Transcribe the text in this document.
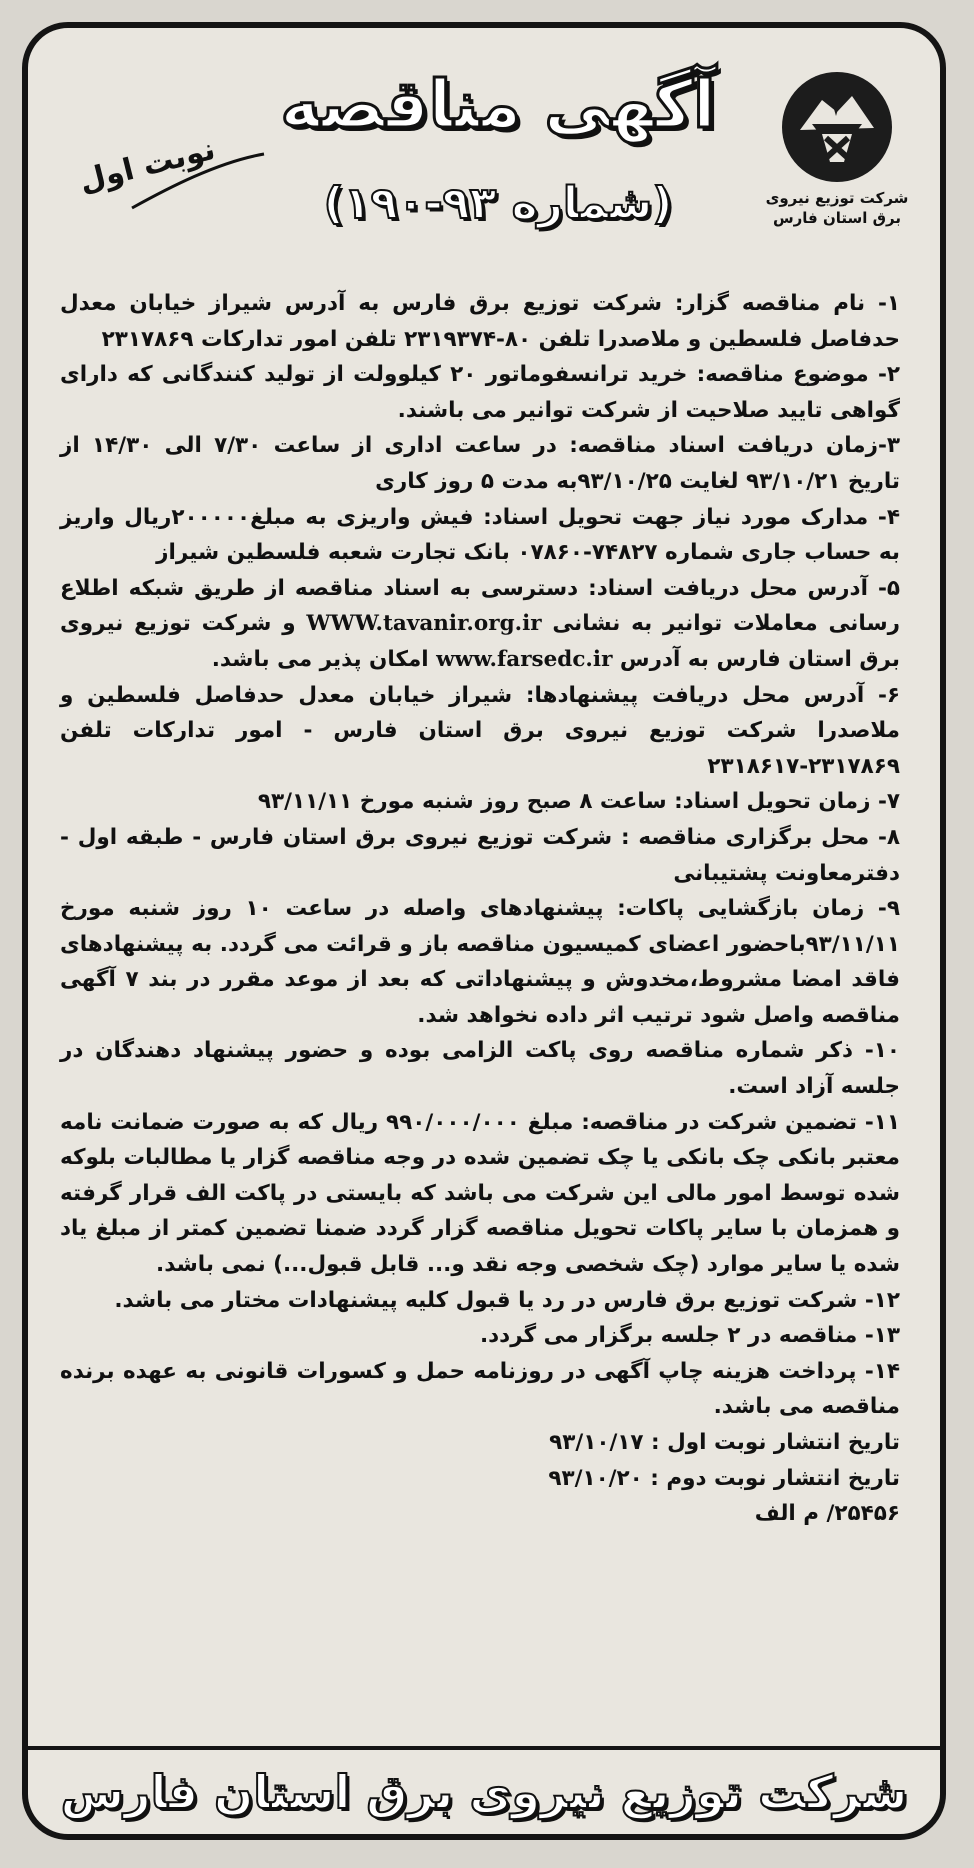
شرکت توزیع نیروی
برق استان فارس
آگهی مناقصه
(شماره ۹۳-۱۹۰)
نوبت اول

۱- نام مناقصه گزار: شرکت توزیع برق فارس به آدرس شیراز خیابان معدل حدفاصل فلسطین و ملاصدرا تلفن ۸۰-۲۳۱۹۳۷۴ تلفن امور تدارکات ۲۳۱۷۸۶۹

۲- موضوع مناقصه: خرید ترانسفوماتور ۲۰ کیلوولت از تولید کنندگانی که دارای گواهی تایید صلاحیت از شرکت توانیر می باشند.

۳-زمان دریافت اسناد مناقصه: در ساعت اداری از ساعت ۷/۳۰ الی ۱۴/۳۰ از تاریخ ۹۳/۱۰/۲۱ لغایت ۹۳/۱۰/۲۵به مدت ۵ روز کاری

۴- مدارک مورد نیاز جهت تحویل اسناد: فیش واریزی به مبلغ۲۰۰۰۰۰ریال واریز به حساب جاری شماره ۷۴۸۲۷-۰۷۸۶۰ بانک تجارت شعبه فلسطین شیراز

۵- آدرس محل دریافت اسناد: دسترسی به اسناد مناقصه از طریق شبکه اطلاع رسانی معاملات توانیر به نشانی WWW.tavanir.org.ir و شرکت توزیع نیروی برق استان فارس به آدرس www.farsedc.ir امکان پذیر می باشد.

۶- آدرس محل دریافت پیشنهادها: شیراز خیابان معدل حدفاصل فلسطین و ملاصدرا شرکت توزیع نیروی برق استان فارس - امور تدارکات تلفن ۲۳۱۷۸۶۹-۲۳۱۸۶۱۷

۷- زمان تحویل اسناد: ساعت ۸ صبح روز شنبه مورخ ۹۳/۱۱/۱۱

۸- محل برگزاری مناقصه : شرکت توزیع نیروی برق استان فارس - طبقه اول - دفترمعاونت پشتیبانی

۹- زمان بازگشایی پاکات: پیشنهادهای واصله در ساعت ۱۰ روز شنبه مورخ ۹۳/۱۱/۱۱باحضور اعضای کمیسیون مناقصه باز و قرائت می گردد. به پیشنهادهای فاقد امضا مشروط،مخدوش و پیشنهاداتی که بعد از موعد مقرر در بند ۷ آگهی مناقصه واصل شود ترتیب اثر داده نخواهد شد.

۱۰- ذکر شماره مناقصه روی پاکت الزامی بوده و حضور پیشنهاد دهندگان در جلسه آزاد است.

۱۱- تضمین شرکت در مناقصه: مبلغ ۹۹۰/۰۰۰/۰۰۰ ریال که به صورت ضمانت نامه معتبر بانکی چک بانکی یا چک تضمین شده در وجه مناقصه گزار یا مطالبات بلوکه شده توسط امور مالی این شرکت می باشد که بایستی در پاکت الف قرار گرفته و همزمان با سایر پاکات تحویل مناقصه گزار گردد ضمنا تضمین کمتر از مبلغ یاد شده یا سایر موارد (چک شخصی وجه نقد و... قابل قبول...) نمی باشد.

۱۲- شرکت توزیع برق فارس در رد یا قبول کلیه پیشنهادات مختار می باشد.

۱۳- مناقصه در ۲ جلسه برگزار می گردد.

۱۴- پرداخت هزینه چاپ آگهی در روزنامه حمل و کسورات قانونی به عهده برنده مناقصه می باشد.

تاریخ انتشار نوبت اول : ۹۳/۱۰/۱۷

تاریخ انتشار نوبت دوم : ۹۳/۱۰/۲۰

۲۵۴۵۶/ م الف

شرکت توزیع نیروی برق استان فارس
